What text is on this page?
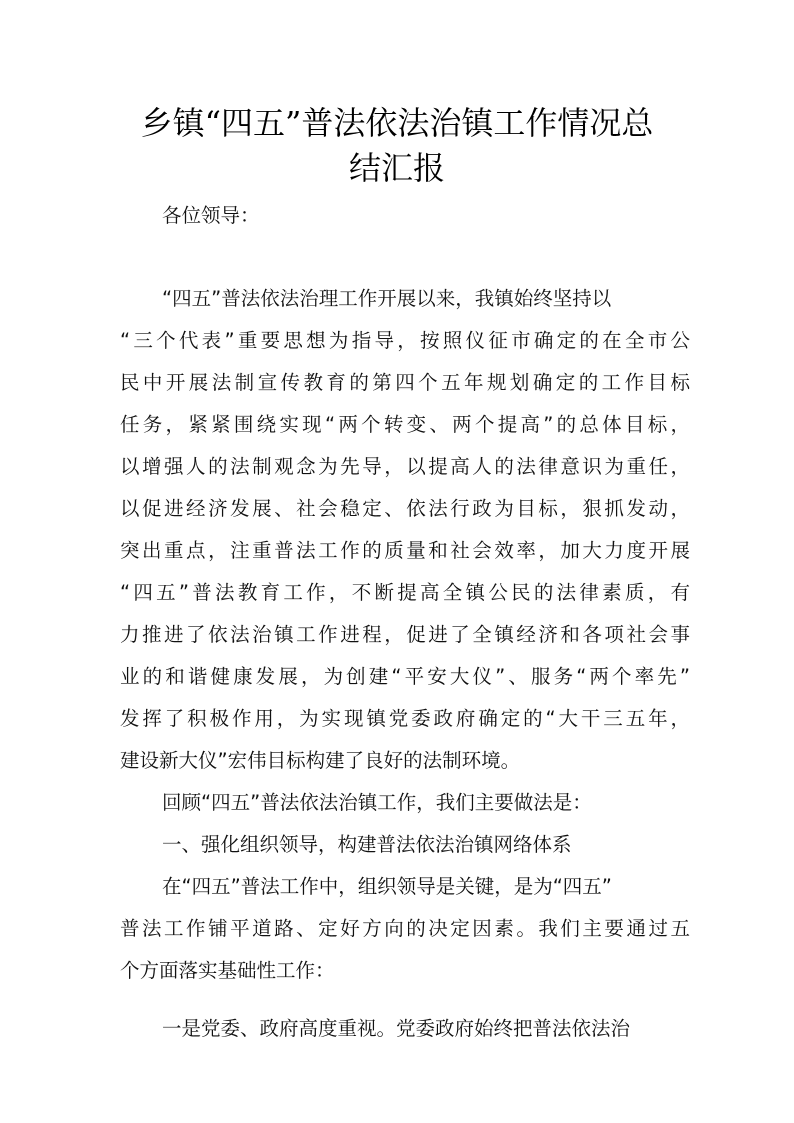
乡镇“四五”普法依法治镇工作情况总
结汇报
各位领导：
“四五”普法依法治理工作开展以来，我镇始终坚持以
“三个代表”重要思想为指导，按照仪征市确定的在全市公
民中开展法制宣传教育的第四个五年规划确定的工作目标
任务，紧紧围绕实现“两个转变、两个提高”的总体目标，
以增强人的法制观念为先导，以提高人的法律意识为重任，
以促进经济发展、社会稳定、依法行政为目标，狠抓发动，
突出重点，注重普法工作的质量和社会效率，加大力度开展
“四五”普法教育工作，不断提高全镇公民的法律素质，有
力推进了依法治镇工作进程，促进了全镇经济和各项社会事
业的和谐健康发展，为创建“平安大仪”、服务“两个率先”
发挥了积极作用，为实现镇党委政府确定的“大干三五年，
建设新大仪”宏伟目标构建了良好的法制环境。
回顾“四五”普法依法治镇工作，我们主要做法是：
一、强化组织领导，构建普法依法治镇网络体系
在“四五”普法工作中，组织领导是关键，是为“四五”
普法工作铺平道路、定好方向的决定因素。我们主要通过五
个方面落实基础性工作：
一是党委、政府高度重视。党委政府始终把普法依法治
